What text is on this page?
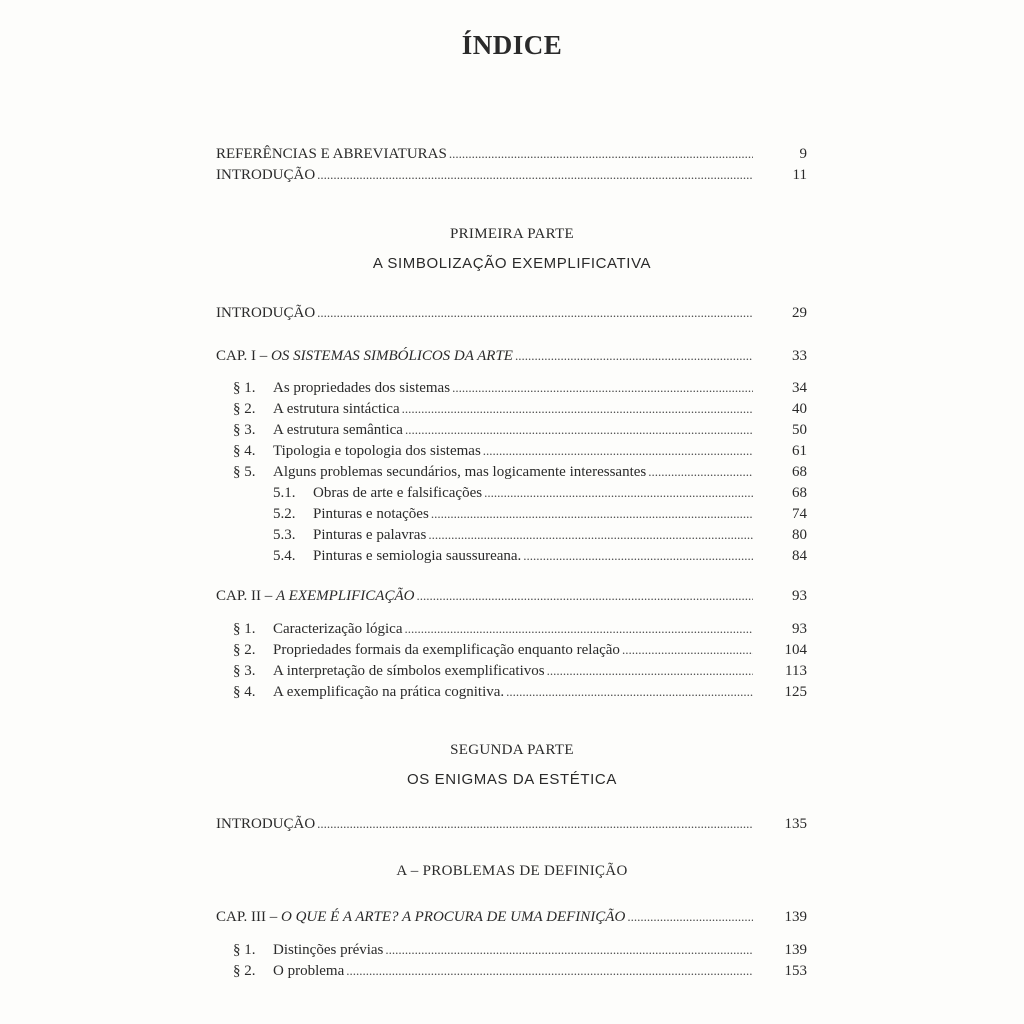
ÍNDICE
REFERÊNCIAS E ABREVIATURAS .....	9
INTRODUÇÃO .....	11
PRIMEIRA PARTE
A SIMBOLIZAÇÃO EXEMPLIFICATIVA
INTRODUÇÃO .....	29
CAP. I – OS SISTEMAS SIMBÓLICOS DA ARTE .....	33
§ 1.	As propriedades dos sistemas .....	34
§ 2.	A estrutura sintáctica .....	40
§ 3.	A estrutura semântica .....	50
§ 4.	Tipologia e topologia dos sistemas .....	61
§ 5.	Alguns problemas secundários, mas logicamente interessantes .....	68
5.1.	Obras de arte e falsificações .....	68
5.2.	Pinturas e notações .....	74
5.3.	Pinturas e palavras .....	80
5.4.	Pinturas e semiologia saussureana. .....	84
CAP. II – A EXEMPLIFICAÇÃO .....	93
§ 1.	Caracterização lógica .....	93
§ 2.	Propriedades formais da exemplificação enquanto relação .....	104
§ 3.	A interpretação de símbolos exemplificativos .....	113
§ 4.	A exemplificação na prática cognitiva. .....	125
SEGUNDA PARTE
OS ENIGMAS DA ESTÉTICA
INTRODUÇÃO .....	135
A – PROBLEMAS DE DEFINIÇÃO
CAP. III – O QUE É A ARTE? A PROCURA DE UMA DEFINIÇÃO .....	139
§ 1.	Distinções prévias .....	139
§ 2.	O problema .....	153
